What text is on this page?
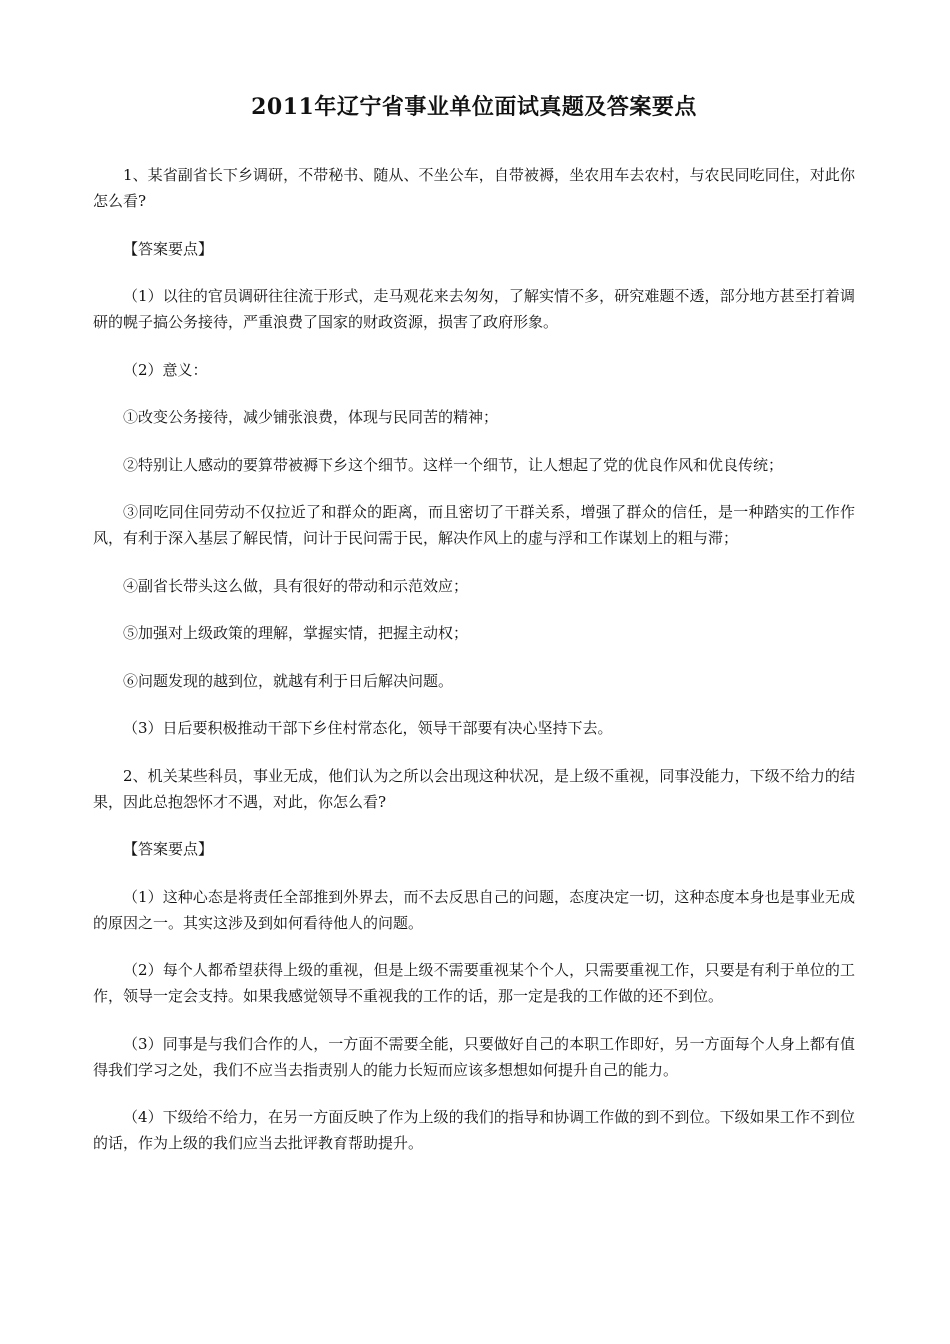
2011年辽宁省事业单位面试真题及答案要点

1、某省副省长下乡调研，不带秘书、随从、不坐公车，自带被褥，坐农用车去农村，与农民同吃同住，对此你怎么看?

【答案要点】

（1）以往的官员调研往往流于形式，走马观花来去匆匆，了解实情不多，研究难题不透，部分地方甚至打着调研的幌子搞公务接待，严重浪费了国家的财政资源，损害了政府形象。

（2）意义：

①改变公务接待，减少铺张浪费，体现与民同苦的精神；

②特别让人感动的要算带被褥下乡这个细节。这样一个细节，让人想起了党的优良作风和优良传统；

③同吃同住同劳动不仅拉近了和群众的距离，而且密切了干群关系，增强了群众的信任，是一种踏实的工作作风，有利于深入基层了解民情，问计于民问需于民，解决作风上的虚与浮和工作谋划上的粗与滞；

④副省长带头这么做，具有很好的带动和示范效应；

⑤加强对上级政策的理解，掌握实情，把握主动权；

⑥问题发现的越到位，就越有利于日后解决问题。

（3）日后要积极推动干部下乡住村常态化，领导干部要有决心坚持下去。

2、机关某些科员，事业无成，他们认为之所以会出现这种状况，是上级不重视，同事没能力，下级不给力的结果，因此总抱怨怀才不遇，对此，你怎么看?

【答案要点】

（1）这种心态是将责任全部推到外界去，而不去反思自己的问题，态度决定一切，这种态度本身也是事业无成的原因之一。其实这涉及到如何看待他人的问题。

（2）每个人都希望获得上级的重视，但是上级不需要重视某个个人，只需要重视工作，只要是有利于单位的工作，领导一定会支持。如果我感觉领导不重视我的工作的话，那一定是我的工作做的还不到位。

（3）同事是与我们合作的人，一方面不需要全能，只要做好自己的本职工作即好，另一方面每个人身上都有值得我们学习之处，我们不应当去指责别人的能力长短而应该多想想如何提升自己的能力。

（4）下级给不给力，在另一方面反映了作为上级的我们的指导和协调工作做的到不到位。下级如果工作不到位的话，作为上级的我们应当去批评教育帮助提升。
